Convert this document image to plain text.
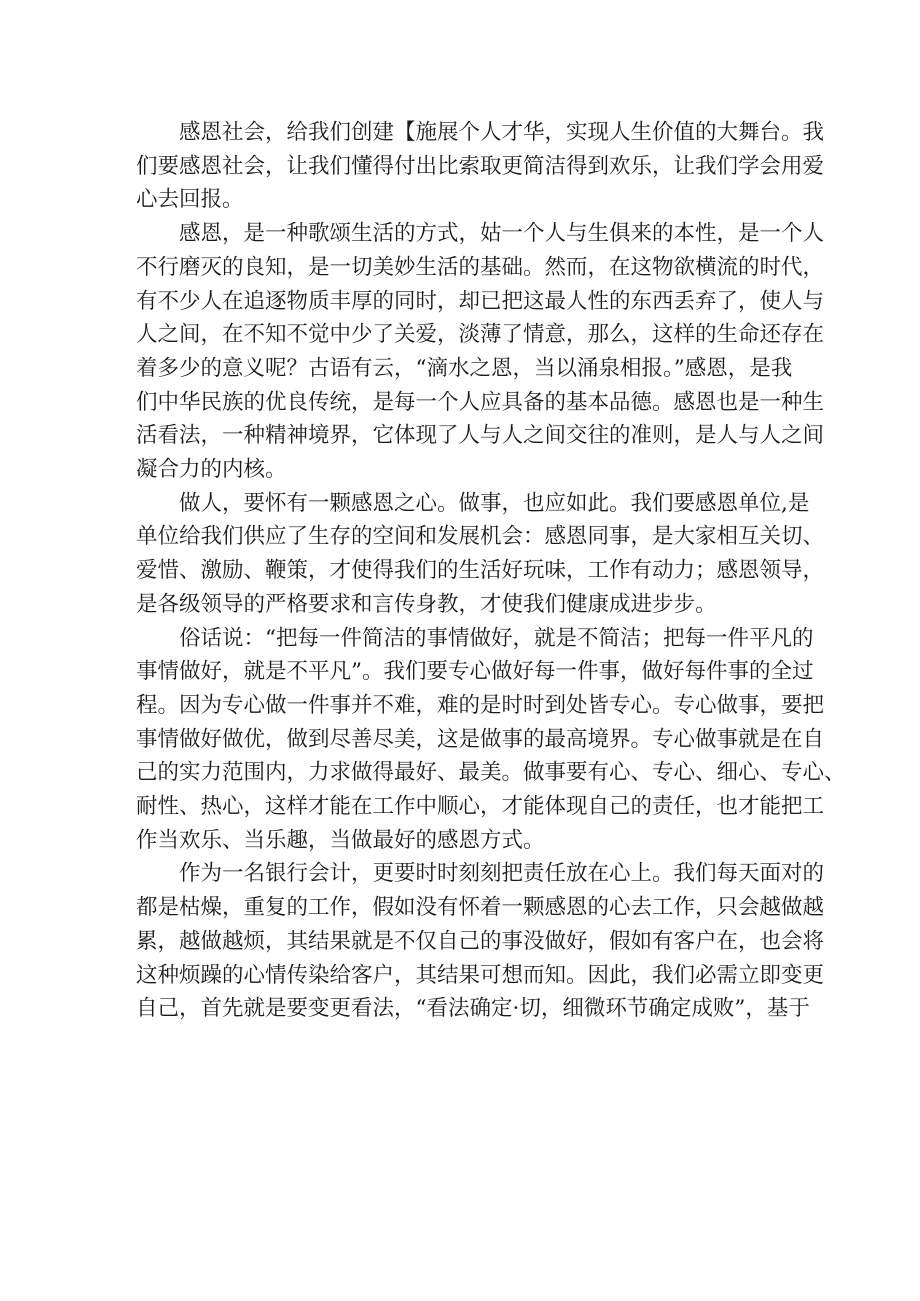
感恩社会，给我们创建【施展个人才华，实现人生价值的大舞台。我
们要感恩社会，让我们懂得付出比索取更简洁得到欢乐，让我们学会用爱
心去回报。
感恩，是一种歌颂生活的方式，姑一个人与生俱来的本性，是一个人
不行磨灭的良知，是一切美妙生活的基础。然而，在这物欲横流的时代，
有不少人在追逐物质丰厚的同时，却已把这最人性的东西丢弃了，使人与
人之间，在不知不觉中少了关爱，淡薄了情意，那么，这样的生命还存在
着多少的意义呢？古语有云，“滴水之恩，当以涌泉相报。”感恩，是我
们中华民族的优良传统，是每一个人应具备的基本品德。感恩也是一种生
活看法，一种精神境界，它体现了人与人之间交往的准则，是人与人之间
凝合力的内核。
做人，要怀有一颗感恩之心。做事，也应如此。我们要感恩单位,是
单位给我们供应了生存的空间和发展机会：感恩同事，是大家相互关切、
爱惜、激励、鞭策，才使得我们的生活好玩味，工作有动力；感恩领导，
是各级领导的严格要求和言传身教，才使我们健康成进步步。
俗话说：“把每一件简洁的事情做好，就是不简洁；把每一件平凡的
事情做好，就是不平凡”。我们要专心做好每一件事，做好每件事的全过
程。因为专心做一件事并不难，难的是时时到处皆专心。专心做事，要把
事情做好做优，做到尽善尽美，这是做事的最高境界。专心做事就是在自
己的实力范围内，力求做得最好、最美。做事要有心、专心、细心、专心、
耐性、热心，这样才能在工作中顺心，才能体现自己的责任，也才能把工
作当欢乐、当乐趣，当做最好的感恩方式。
作为一名银行会计，更要时时刻刻把责任放在心上。我们每天面对的
都是枯燥，重复的工作，假如没有怀着一颗感恩的心去工作，只会越做越
累，越做越烦，其结果就是不仅自己的事没做好，假如有客户在，也会将
这种烦躁的心情传染给客户，其结果可想而知。因此，我们必需立即变更
自己，首先就是要变更看法，“看法确定·切，细微环节确定成败”，基于
